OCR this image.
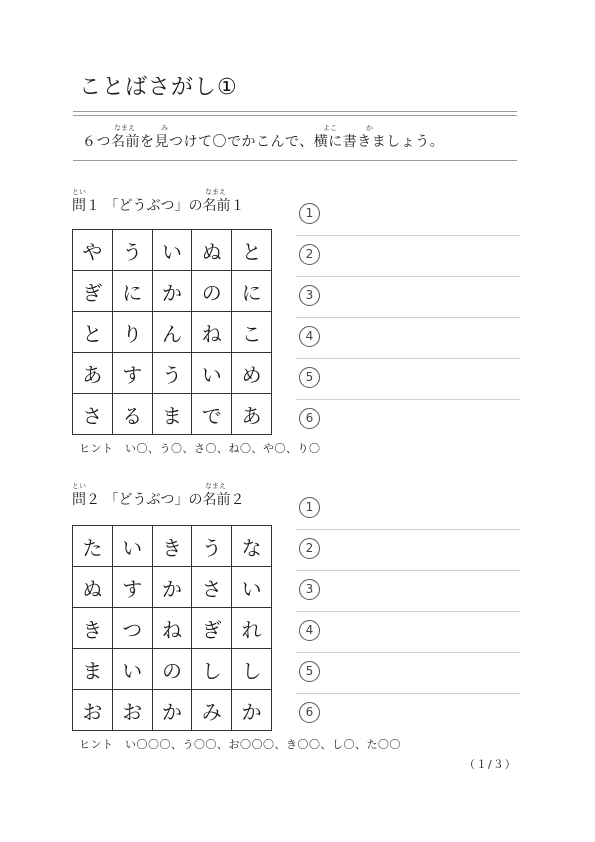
ことばさがし①
なまえ	み	よこ	か
６つ名前を見つけて〇でかこんで、横に書きましょう。
とい	なまえ
問１ 「どうぶつ」の名前１
や	う	い	ぬ	と
ぎ	に	か	の	に
と	り	ん	ね	こ
あ	す	う	い	め
さ	る	ま	で	あ
1
2
3
4
5
6
ヒント　い〇、う〇、さ〇、ね〇、や〇、り〇
とい	なまえ
問２ 「どうぶつ」の名前２
た	い	き	う	な
ぬ	す	か	さ	い
き	つ	ね	ぎ	れ
ま	い	の	し	し
お	お	か	み	か
1
2
3
4
5
6
ヒント　い〇〇〇、う〇〇、お〇〇〇、き〇〇、し〇、た〇〇
（１/３）
